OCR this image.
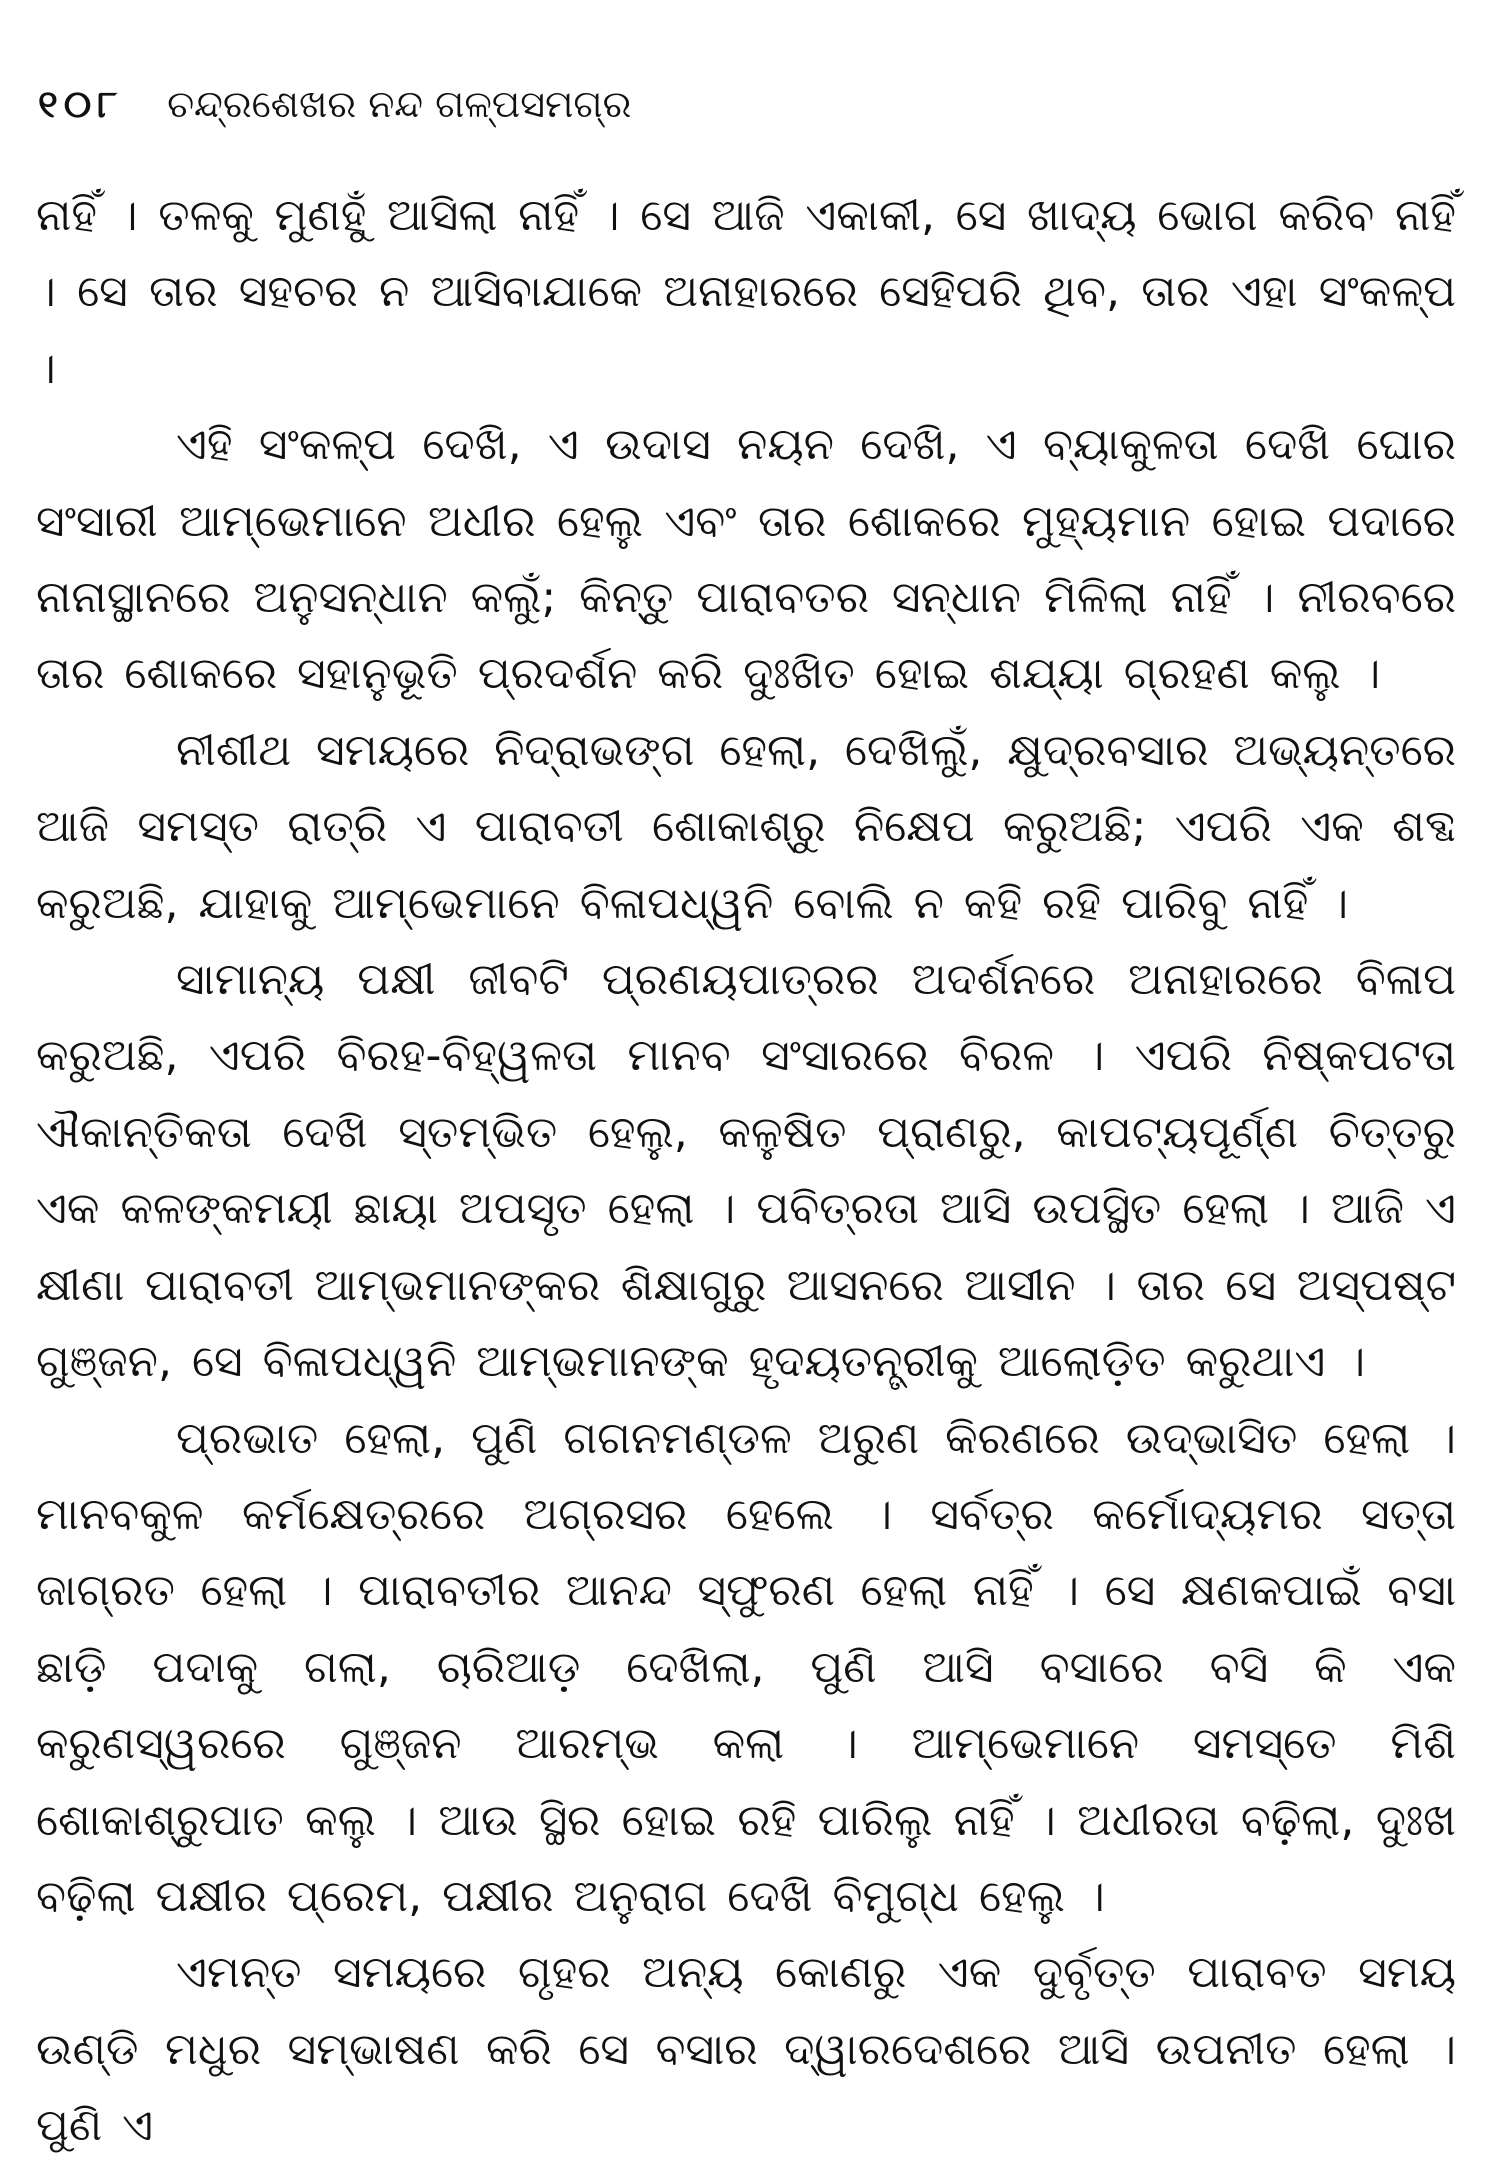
୧୦୮ ଚନ୍ଦ୍ରଶେଖର ନନ୍ଦ ଗଳ୍ପସମଗ୍ର

ନାହିଁ । ତଳକୁ ମୁଣହୁଁ ଆସିଲା ନାହିଁ । ସେ ଆଜି ଏକାକୀ, ସେ ଖାଦ୍ୟ ଭୋଗ କରିବ ନାହିଁ । ସେ ତାର ସହଚର ନ ଆସିବାଯାକେ ଅନାହାରରେ ସେହିପରି ଥିବ, ତାର ଏହା ସଂକଳ୍ପ ।

ଏହି ସଂକଳ୍ପ ଦେଖି, ଏ ଉଦାସ ନୟନ ଦେଖି, ଏ ବ୍ୟାକୁଳତା ଦେଖି ଘୋର ସଂସାରୀ ଆମ୍ଭେମାନେ ଅଧୀର ହେଲୁ ଏବଂ ତାର ଶୋକରେ ମୁହ୍ୟମାନ ହୋଇ ପଦାରେ ନାନାସ୍ଥାନରେ ଅନୁସନ୍ଧାନ କଲୁଁ; କିନ୍ତୁ ପାରାବତର ସନ୍ଧାନ ମିଳିଲା ନାହିଁ । ନୀରବରେ ତାର ଶୋକରେ ସହାନୁଭୂତି ପ୍ରଦର୍ଶନ କରି ଦୁଃଖିତ ହୋଇ ଶଯ୍ୟା ଗ୍ରହଣ କଲୁ ।

ନୀଶୀଥ ସମୟରେ ନିଦ୍ରାଭଙ୍ଗ ହେଲା, ଦେଖିଲୁଁ, କ୍ଷୁଦ୍ରବସାର ଅଭ୍ୟନ୍ତରେ ଆଜି ସମସ୍ତ ରାତ୍ରି ଏ ପାରାବତୀ ଶୋକାଶ୍ରୁ ନିକ୍ଷେପ କରୁଅଛି; ଏପରି ଏକ ଶବ୍ଦ କରୁଅଛି, ଯାହାକୁ ଆମ୍ଭେମାନେ ବିଳାପଧ୍ୱନି ବୋଲି ନ କହି ରହି ପାରିବୁ ନାହିଁ ।

ସାମାନ୍ୟ ପକ୍ଷୀ ଜୀବଟି ପ୍ରଣୟପାତ୍ରର ଅଦର୍ଶନରେ ଅନାହାରରେ ବିଳାପ କରୁଅଛି, ଏପରି ବିରହ-ବିହ୍ୱଳତା ମାନବ ସଂସାରରେ ବିରଳ । ଏପରି ନିଷ୍କପଟତା ଐକାନ୍ତିକତା ଦେଖି ସ୍ତମ୍ଭିତ ହେଲୁ, କଳୁଷିତ ପ୍ରାଣରୁ, କାପଟ୍ୟପୂର୍ଣ୍ଣ ଚିତ୍ତରୁ ଏକ କଳଙ୍କମୟୀ ଛାୟା ଅପସୃତ ହେଲା । ପବିତ୍ରତା ଆସି ଉପସ୍ଥିତ ହେଲା । ଆଜି ଏ କ୍ଷୀଣା ପାରାବତୀ ଆମ୍ଭମାନଙ୍କର ଶିକ୍ଷାଗୁରୁ ଆସନରେ ଆସୀନ । ତାର ସେ ଅସ୍ପଷ୍ଟ ଗୁଞ୍ଜନ, ସେ ବିଳାପଧ୍ୱନି ଆମ୍ଭମାନଙ୍କ ହୃଦୟତନ୍ତ୍ରୀକୁ ଆଲୋଡ଼ିତ କରୁଥାଏ ।

ପ୍ରଭାତ ହେଲା, ପୁଣି ଗଗନମଣ୍ଡଳ ଅରୁଣ କିରଣରେ ଉଦ୍ଭାସିତ ହେଲା । ମାନବକୁଳ କର୍ମକ୍ଷେତ୍ରରେ ଅଗ୍ରସର ହେଲେ । ସର୍ବତ୍ର କର୍ମୋଦ୍ୟମର ସତ୍ତା ଜାଗ୍ରତ ହେଲା । ପାରାବତୀର ଆନନ୍ଦ ସ୍ଫୁରଣ ହେଲା ନାହିଁ । ସେ କ୍ଷଣକପାଇଁ ବସା ଛାଡ଼ି ପଦାକୁ ଗଲା, ଚାରିଆଡ଼ ଦେଖିଲା, ପୁଣି ଆସି ବସାରେ ବସି କି ଏକ କରୁଣସ୍ୱରରେ ଗୁଞ୍ଜନ ଆରମ୍ଭ କଲା । ଆମ୍ଭେମାନେ ସମସ୍ତେ ମିଶି ଶୋକାଶ୍ରୁପାତ କଲୁ । ଆଉ ସ୍ଥିର ହୋଇ ରହି ପାରିଲୁ ନାହିଁ । ଅଧୀରତା ବଢ଼ିଲା, ଦୁଃଖ ବଢ଼ିଲା ପକ୍ଷୀର ପ୍ରେମ, ପକ୍ଷୀର ଅନୁରାଗ ଦେଖି ବିମୁଗ୍ଧ ହେଲୁ ।

ଏମନ୍ତ ସମୟରେ ଗୃହର ଅନ୍ୟ କୋଣରୁ ଏକ ଦୁର୍ବୃତ୍ତ ପାରାବତ ସମୟ ଉଣ୍ଡି ମଧୁର ସମ୍ଭାଷଣ କରି ସେ ବସାର ଦ୍ୱାରଦେଶରେ ଆସି ଉପନୀତ ହେଲା । ପୁଣି ଏ
